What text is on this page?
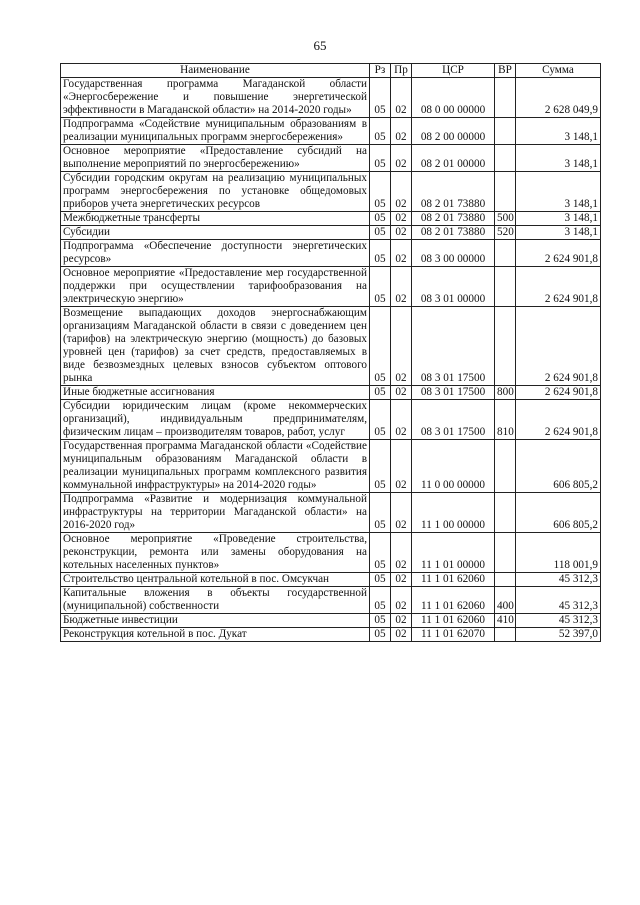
65
Наименование	Рз	Пр	ЦСР	ВР	Сумма
Государственная программа Магаданской области «Энергосбережение и повышение энергетической эффективности в Магаданской области» на 2014-2020 годы»	05	02	08 0 00 00000		2 628 049,9
Подпрограмма «Содействие муниципальным образованиям в реализации муниципальных программ энергосбережения»	05	02	08 2 00 00000		3 148,1
Основное мероприятие «Предоставление субсидий на выполнение мероприятий по энергосбережению»	05	02	08 2 01 00000		3 148,1
Субсидии городским округам на реализацию муниципальных программ энергосбережения по установке общедомовых приборов учета энергетических ресурсов	05	02	08 2 01 73880		3 148,1
Межбюджетные трансферты	05	02	08 2 01 73880	500	3 148,1
Субсидии	05	02	08 2 01 73880	520	3 148,1
Подпрограмма «Обеспечение доступности энергетических ресурсов»	05	02	08 3 00 00000		2 624 901,8
Основное мероприятие «Предоставление мер государственной поддержки при осуществлении тарифообразования на электрическую энергию»	05	02	08 3 01 00000		2 624 901,8
Возмещение выпадающих доходов энергоснабжающим организациям Магаданской области в связи с доведением цен (тарифов) на электрическую энергию (мощность) до базовых уровней цен (тарифов) за счет средств, предоставляемых в виде безвозмездных целевых взносов субъектом оптового рынка	05	02	08 3 01 17500		2 624 901,8
Иные бюджетные ассигнования	05	02	08 3 01 17500	800	2 624 901,8
Субсидии юридическим лицам (кроме некоммерческих организаций), индивидуальным предпринимателям, физическим лицам – производителям товаров, работ, услуг	05	02	08 3 01 17500	810	2 624 901,8
Государственная программа Магаданской области «Содействие муниципальным образованиям Магаданской области в реализации муниципальных программ комплексного развития коммунальной инфраструктуры» на 2014-2020 годы»	05	02	11 0 00 00000		606 805,2
Подпрограмма «Развитие и модернизация коммунальной инфраструктуры на территории Магаданской области» на 2016-2020 год»	05	02	11 1 00 00000		606 805,2
Основное мероприятие «Проведение строительства, реконструкции, ремонта или замены оборудования на котельных населенных пунктов»	05	02	11 1 01 00000		118 001,9
Строительство центральной котельной в пос. Омсукчан	05	02	11 1 01 62060		45 312,3
Капитальные вложения в объекты государственной (муниципальной) собственности	05	02	11 1 01 62060	400	45 312,3
Бюджетные инвестиции	05	02	11 1 01 62060	410	45 312,3
Реконструкция котельной в пос. Дукат	05	02	11 1 01 62070		52 397,0
